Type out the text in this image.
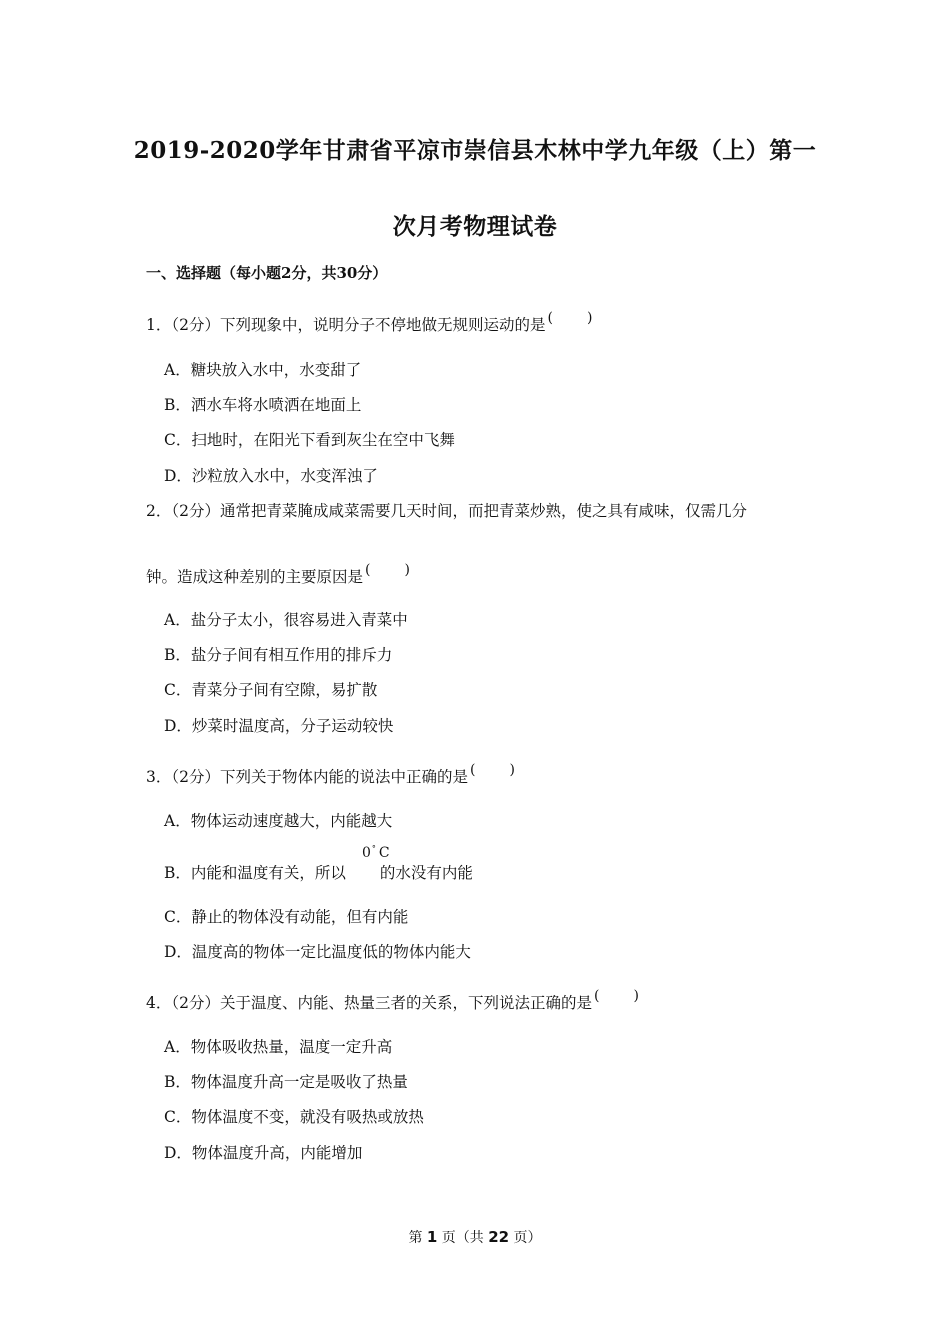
2019-2020学年甘肃省平凉市崇信县木林中学九年级（上）第一
次月考物理试卷
一、选择题（每小题2分，共30分）
1．（2分）下列现象中，说明分子不停地做无规则运动的是 ( )
A．糖块放入水中，水变甜了
B．洒水车将水喷洒在地面上
C．扫地时，在阳光下看到灰尘在空中飞舞
D．沙粒放入水中，水变浑浊了
2．（2分）通常把青菜腌成咸菜需要几天时间，而把青菜炒熟，使之具有咸味，仅需几分
钟。造成这种差别的主要原因是 ( )
A．盐分子太小，很容易进入青菜中
B．盐分子间有相互作用的排斥力
C．青菜分子间有空隙，易扩散
D．炒菜时温度高，分子运动较快
3．（2分）下列关于物体内能的说法中正确的是 ( )
A．物体运动速度越大，内能越大
B．内能和温度有关，所以 的水没有内能
0° C
C．静止的物体没有动能，但有内能
D．温度高的物体一定比温度低的物体内能大
4．（2分）关于温度、内能、热量三者的关系，下列说法正确的是 ( )
A．物体吸收热量，温度一定升高
B．物体温度升高一定是吸收了热量
C．物体温度不变，就没有吸热或放热
D．物体温度升高，内能增加
第 1 页（共 22 页）
